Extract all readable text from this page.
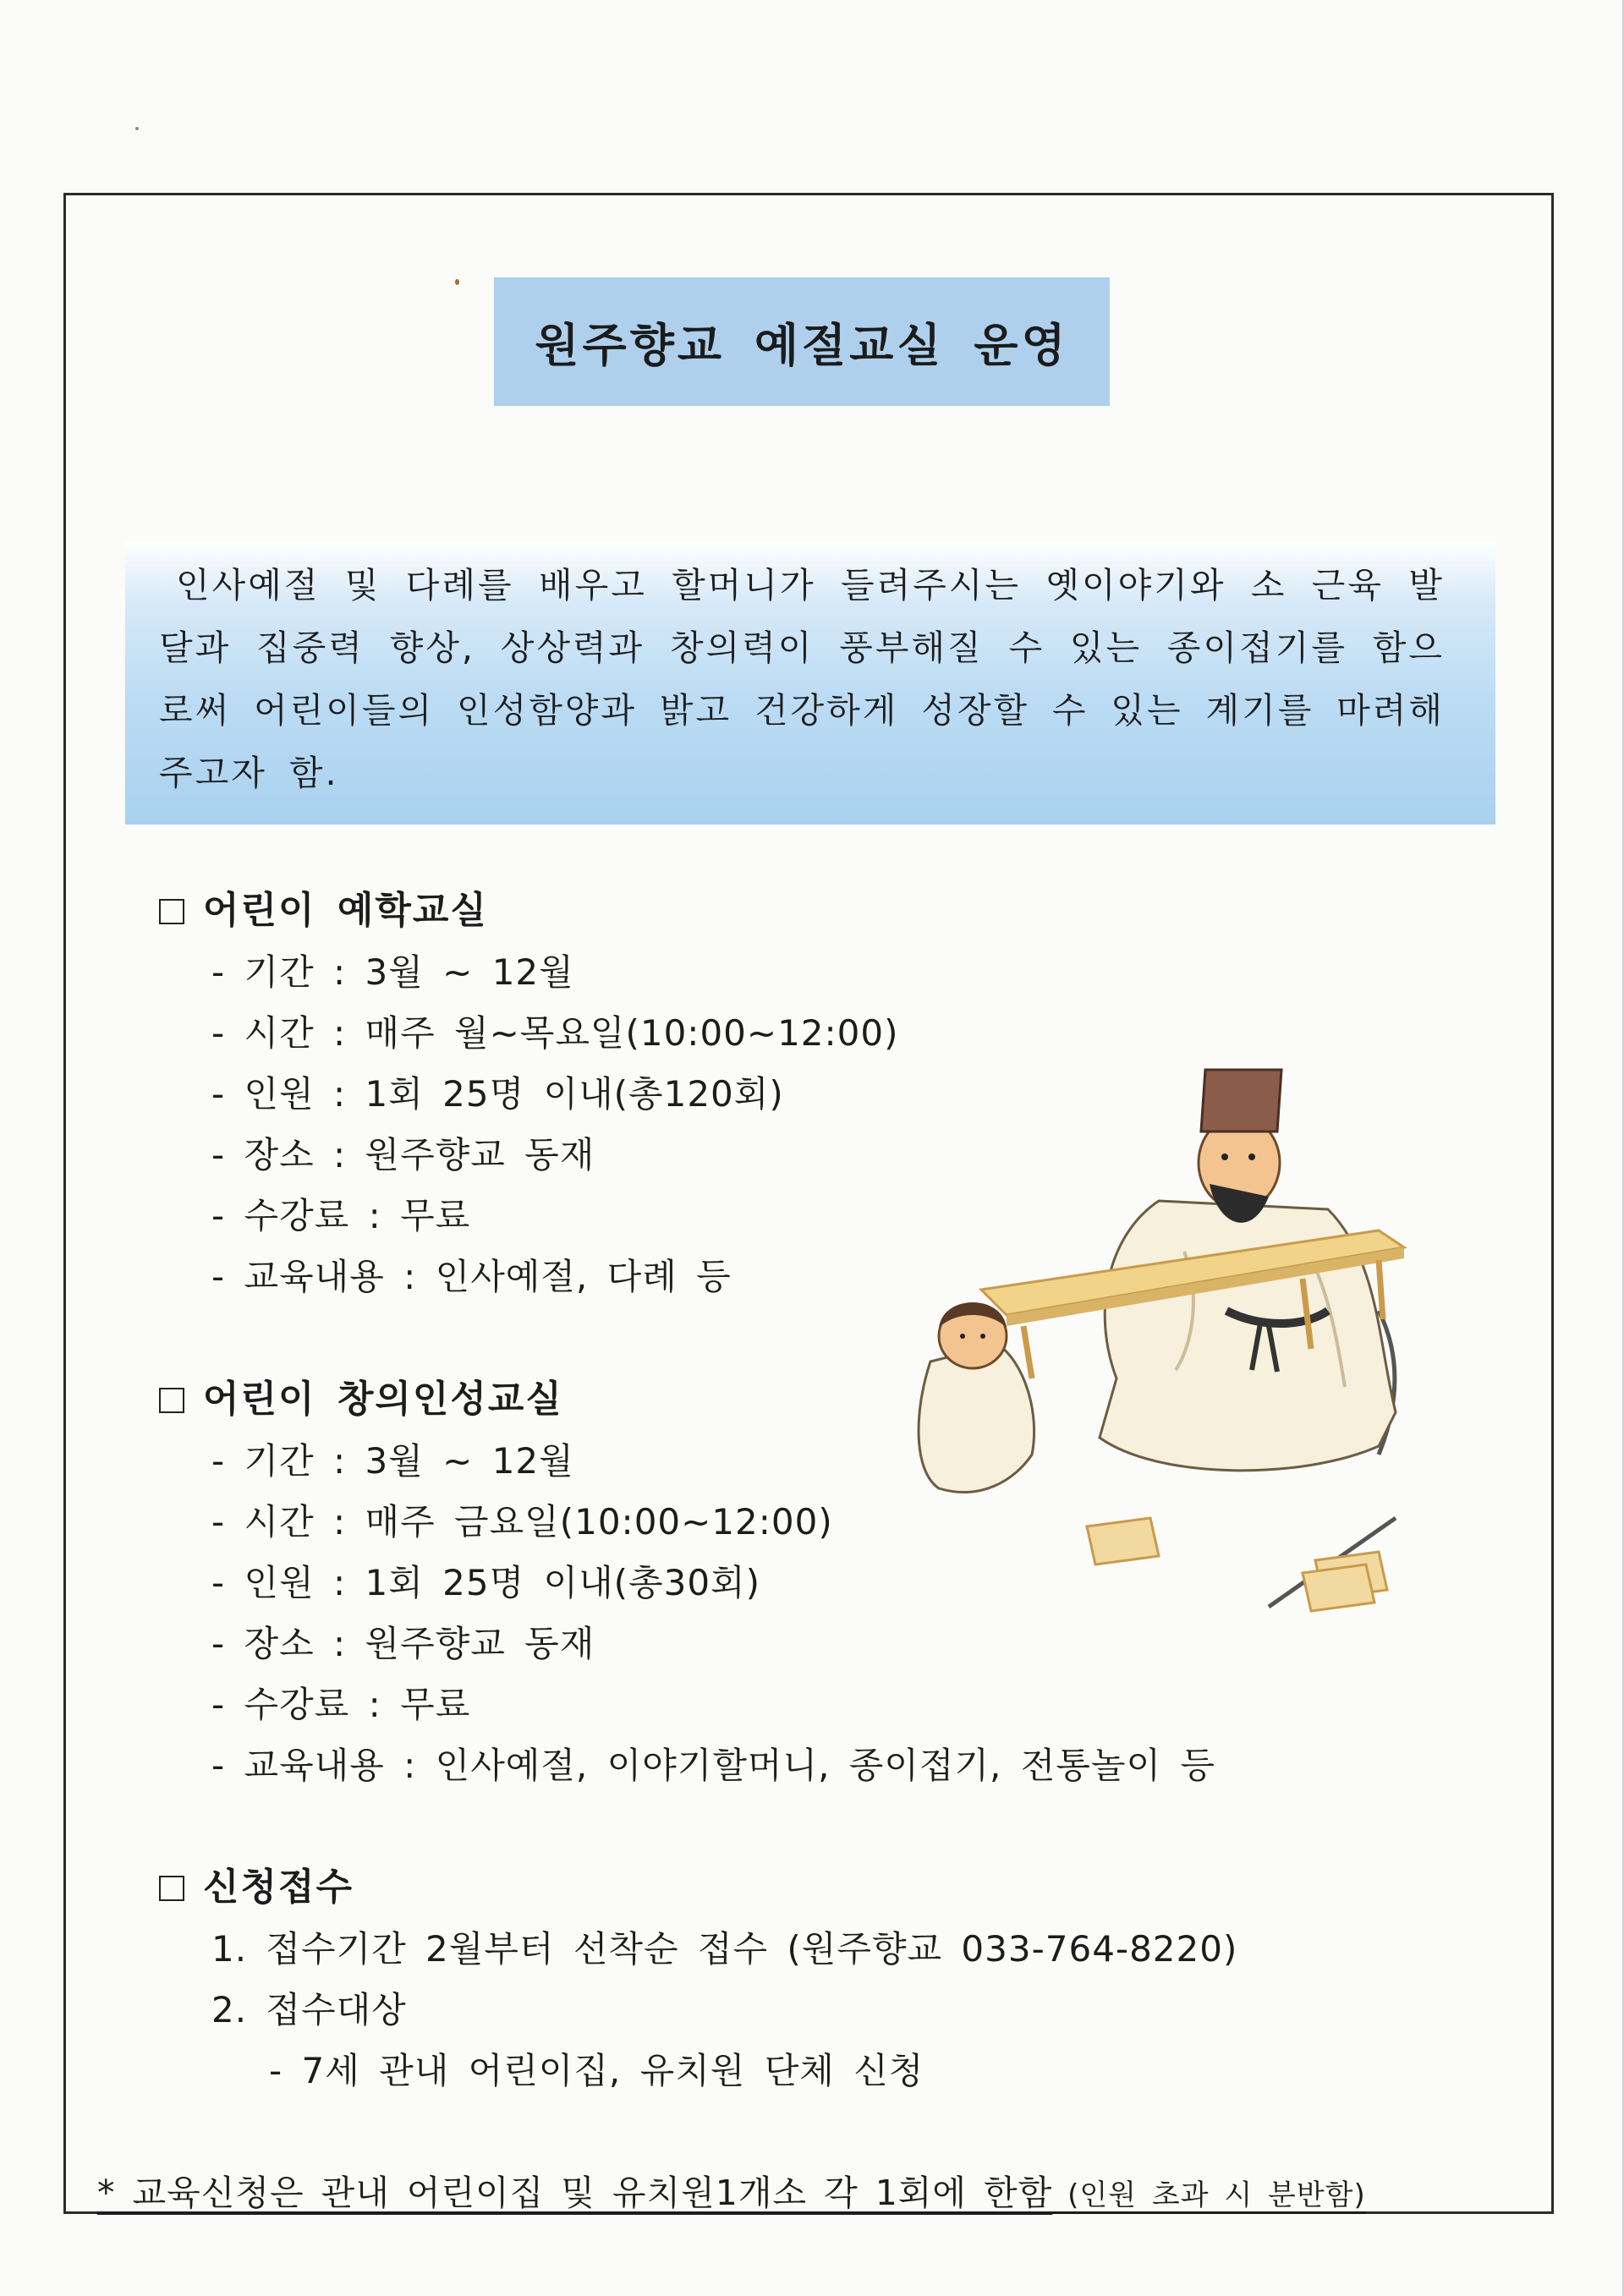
원주향교 예절교실 운영
인사예절 및 다례를 배우고 할머니가 들려주시는 옛이야기와 소 근육 발달과 집중력 향상, 상상력과 창의력이 풍부해질 수 있는 종이접기를 함으로써 어린이들의 인성함양과 밝고 건강하게 성장할 수 있는 계기를 마려해 주고자 함.
어린이 예학교실
- 기간 : 3월 ~ 12월
- 시간 : 매주 월~목요일(10:00~12:00)
- 인원 : 1회 25명 이내(총120회)
- 장소 : 원주향교 동재
- 수강료 : 무료
- 교육내용 : 인사예절, 다례 등
어린이 창의인성교실
- 기간 : 3월 ~ 12월
- 시간 : 매주 금요일(10:00~12:00)
- 인원 : 1회 25명 이내(총30회)
- 장소 : 원주향교 동재
- 수강료 : 무료
- 교육내용 : 인사예절, 이야기할머니, 종이접기, 전통놀이 등
신청접수
1. 접수기간 2월부터 선착순 접수 (원주향교 033-764-8220)
2. 접수대상
- 7세 관내 어린이집, 유치원 단체 신청
* 교육신청은 관내 어린이집 및 유치원1개소 각 1회에 한함 (인원 초과 시 분반함)
